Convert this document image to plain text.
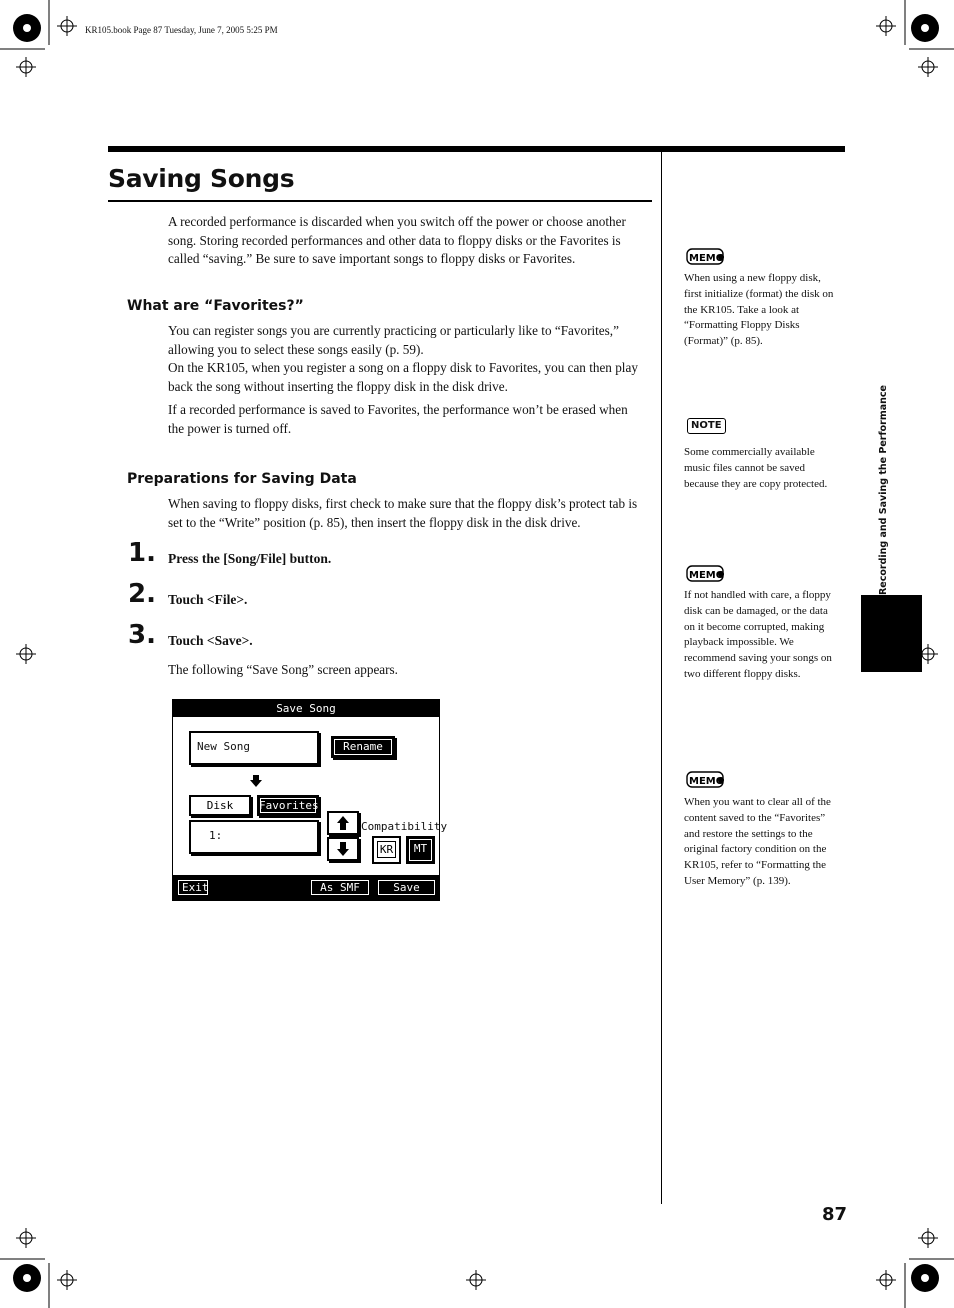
KR105.book Page 87 Tuesday, June 7, 2005 5:25 PM
Saving Songs
A recorded performance is discarded when you switch off the power or choose another song. Storing recorded performances and other data to floppy disks or the Favorites is called “saving.” Be sure to save important songs to floppy disks or Favorites.
What are “Favorites?”
You can register songs you are currently practicing or particularly like to “Favorites,” allowing you to select these songs easily (p. 59).
On the KR105, when you register a song on a floppy disk to Favorites, you can then play back the song without inserting the floppy disk in the disk drive.
If a recorded performance is saved to Favorites, the performance won’t be erased when the power is turned off.
Preparations for Saving Data
When saving to floppy disks, first check to make sure that the floppy disk’s protect tab is set to the “Write” position (p. 85), then insert the floppy disk in the disk drive.
1. Press the [Song/File] button.
2. Touch <File>.
3. Touch <Save>.
The following “Save Song” screen appears.
Save Song
New Song	Rename
Disk	Favorites
1:
Compatibility
KR	MT
Exit	As SMF	Save
MEMO
When using a new floppy disk, first initialize (format) the disk on the KR105. Take a look at “Formatting Floppy Disks (Format)” (p. 85).
NOTE
Some commercially available music files cannot be saved because they are copy protected.
MEMO
If not handled with care, a floppy disk can be damaged, or the data on it become corrupted, making playback impossible. We recommend saving your songs on two different floppy disks.
MEMO
When you want to clear all of the content saved to the “Favorites” and restore the settings to the original factory condition on the KR105, refer to “Formatting the User Memory” (p. 139).
Recording and Saving the Performance
87
